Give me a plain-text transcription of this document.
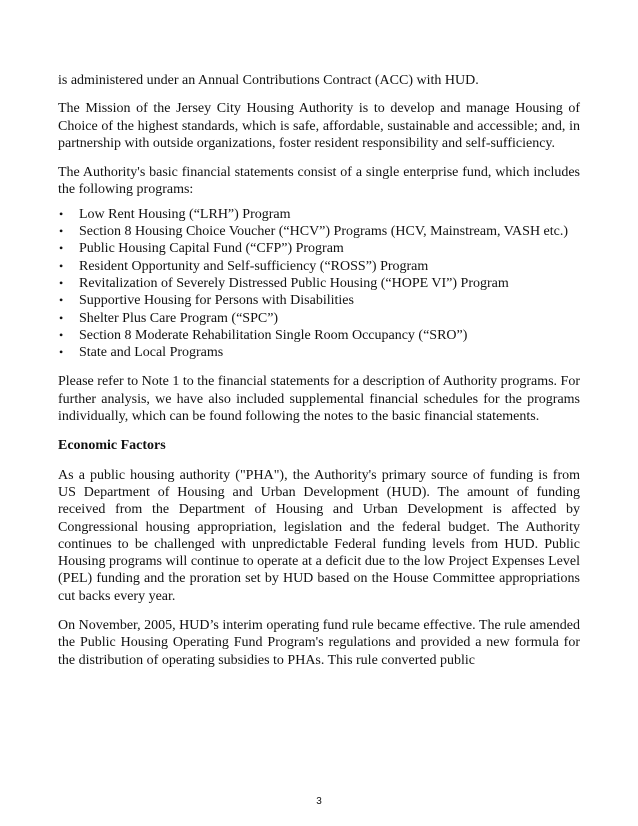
is administered under an Annual Contributions Contract (ACC) with HUD.

The Mission of the Jersey City Housing Authority is to develop and manage Housing of Choice of the highest standards, which is safe, affordable, sustainable and accessible; and, in partnership with outside organizations, foster resident responsibility and self-sufficiency.

The Authority's basic financial statements consist of a single enterprise fund, which includes the following programs:

• Low Rent Housing (“LRH”) Program
• Section 8 Housing Choice Voucher (“HCV”) Programs (HCV, Mainstream, VASH etc.)
• Public Housing Capital Fund (“CFP”) Program
• Resident Opportunity and Self-sufficiency (“ROSS”) Program
• Revitalization of Severely Distressed Public Housing (“HOPE VI”) Program
• Supportive Housing for Persons with Disabilities
• Shelter Plus Care Program (“SPC”)
• Section 8 Moderate Rehabilitation Single Room Occupancy (“SRO”)
• State and Local Programs

Please refer to Note 1 to the financial statements for a description of Authority programs. For further analysis, we have also included supplemental financial schedules for the programs individually, which can be found following the notes to the basic financial statements.

Economic Factors

As a public housing authority ("PHA"), the Authority's primary source of funding is from US Department of Housing and Urban Development (HUD). The amount of funding received from the Department of Housing and Urban Development is affected by Congressional housing appropriation, legislation and the federal budget. The Authority continues to be challenged with unpredictable Federal funding levels from HUD. Public Housing programs will continue to operate at a deficit due to the low Project Expenses Level (PEL) funding and the proration set by HUD based on the House Committee appropriations cut backs every year.

On November, 2005, HUD’s interim operating fund rule became effective. The rule amended the Public Housing Operating Fund Program's regulations and provided a new formula for the distribution of operating subsidies to PHAs. This rule converted public

3
